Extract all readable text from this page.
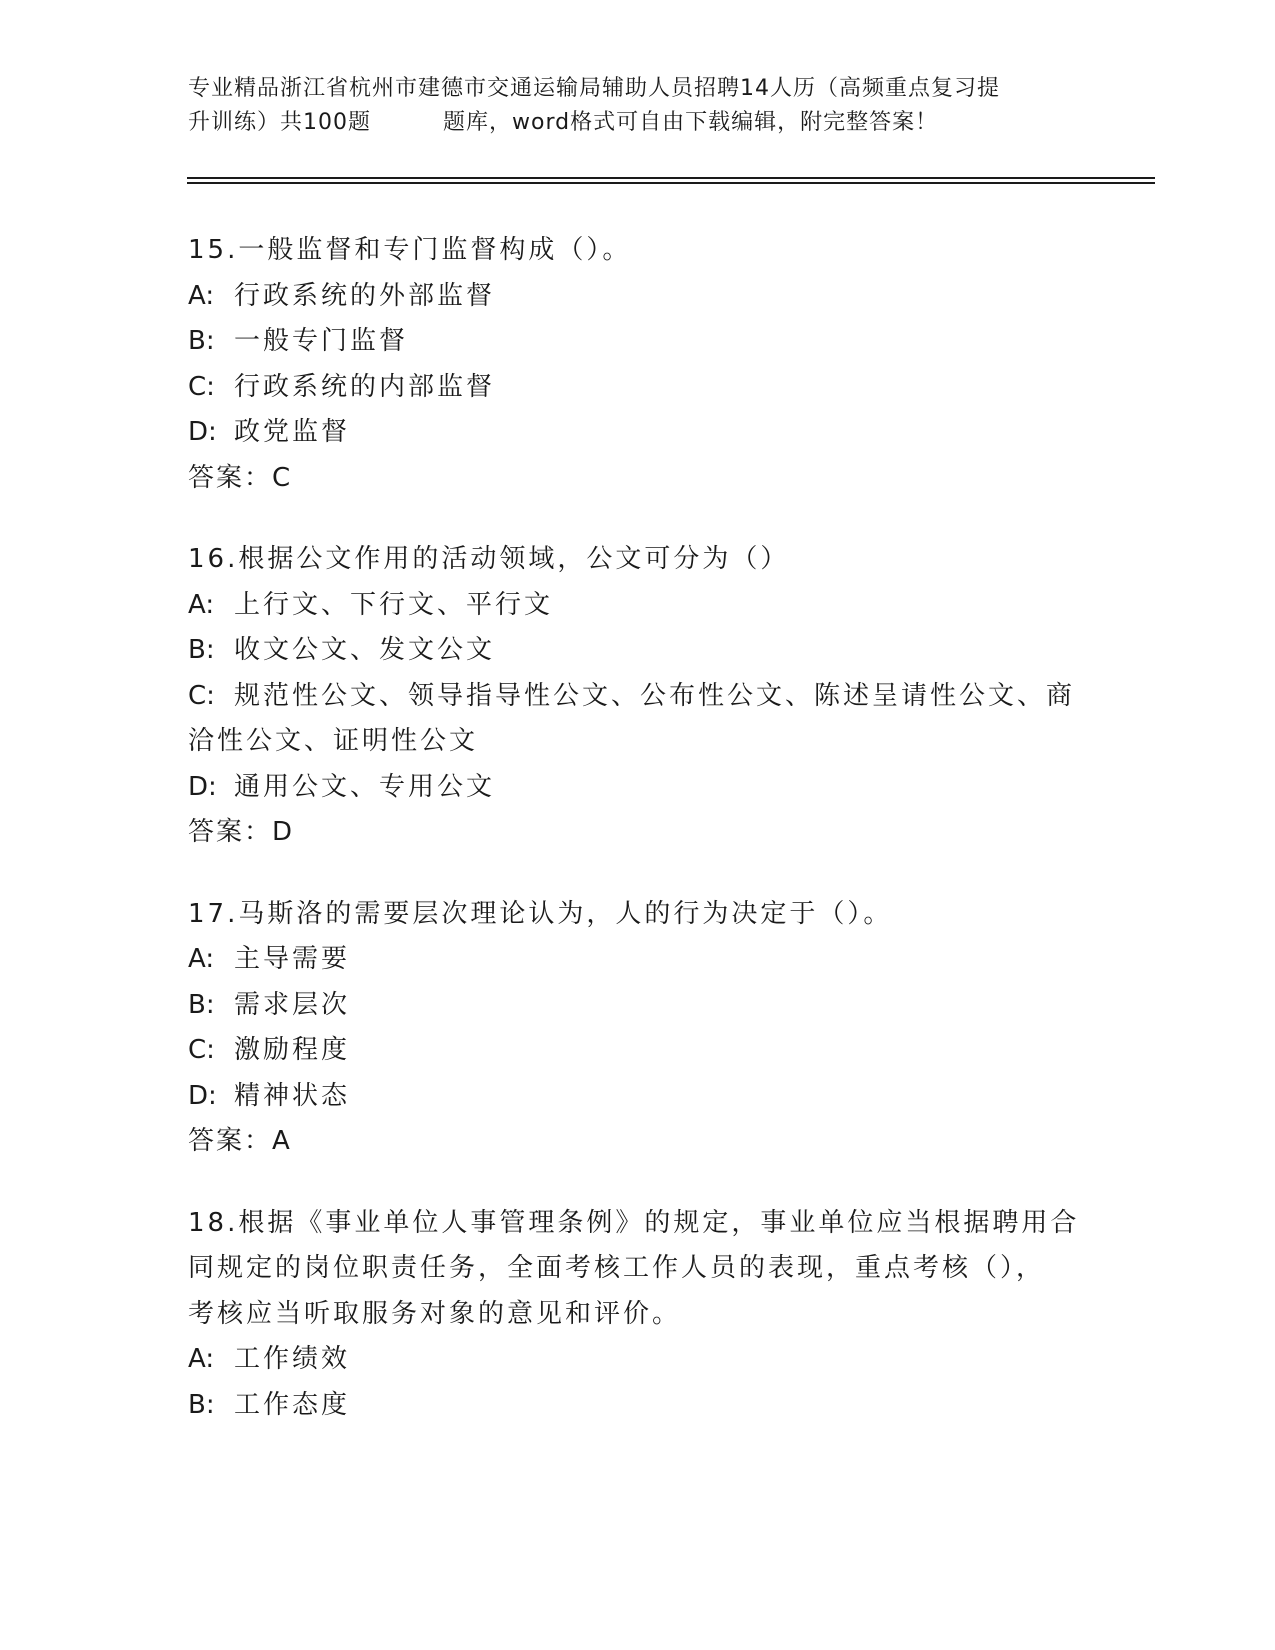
专业精品浙江省杭州市建德市交通运输局辅助人员招聘14人历（高频重点复习提
升训练）共100题	题库，word格式可自由下载编辑，附完整答案！
15.一般监督和专门监督构成（）。
A: 行政系统的外部监督
B: 一般专门监督
C: 行政系统的内部监督
D: 政党监督
答案：C
16.根据公文作用的活动领域，公文可分为（）
A: 上行文、下行文、平行文
B: 收文公文、发文公文
C: 规范性公文、领导指导性公文、公布性公文、陈述呈请性公文、商
洽性公文、证明性公文
D: 通用公文、专用公文
答案：D
17.马斯洛的需要层次理论认为，人的行为决定于（）。
A: 主导需要
B: 需求层次
C: 激励程度
D: 精神状态
答案：A
18.根据《事业单位人事管理条例》的规定，事业单位应当根据聘用合
同规定的岗位职责任务，全面考核工作人员的表现，重点考核（），
考核应当听取服务对象的意见和评价。
A: 工作绩效
B: 工作态度
